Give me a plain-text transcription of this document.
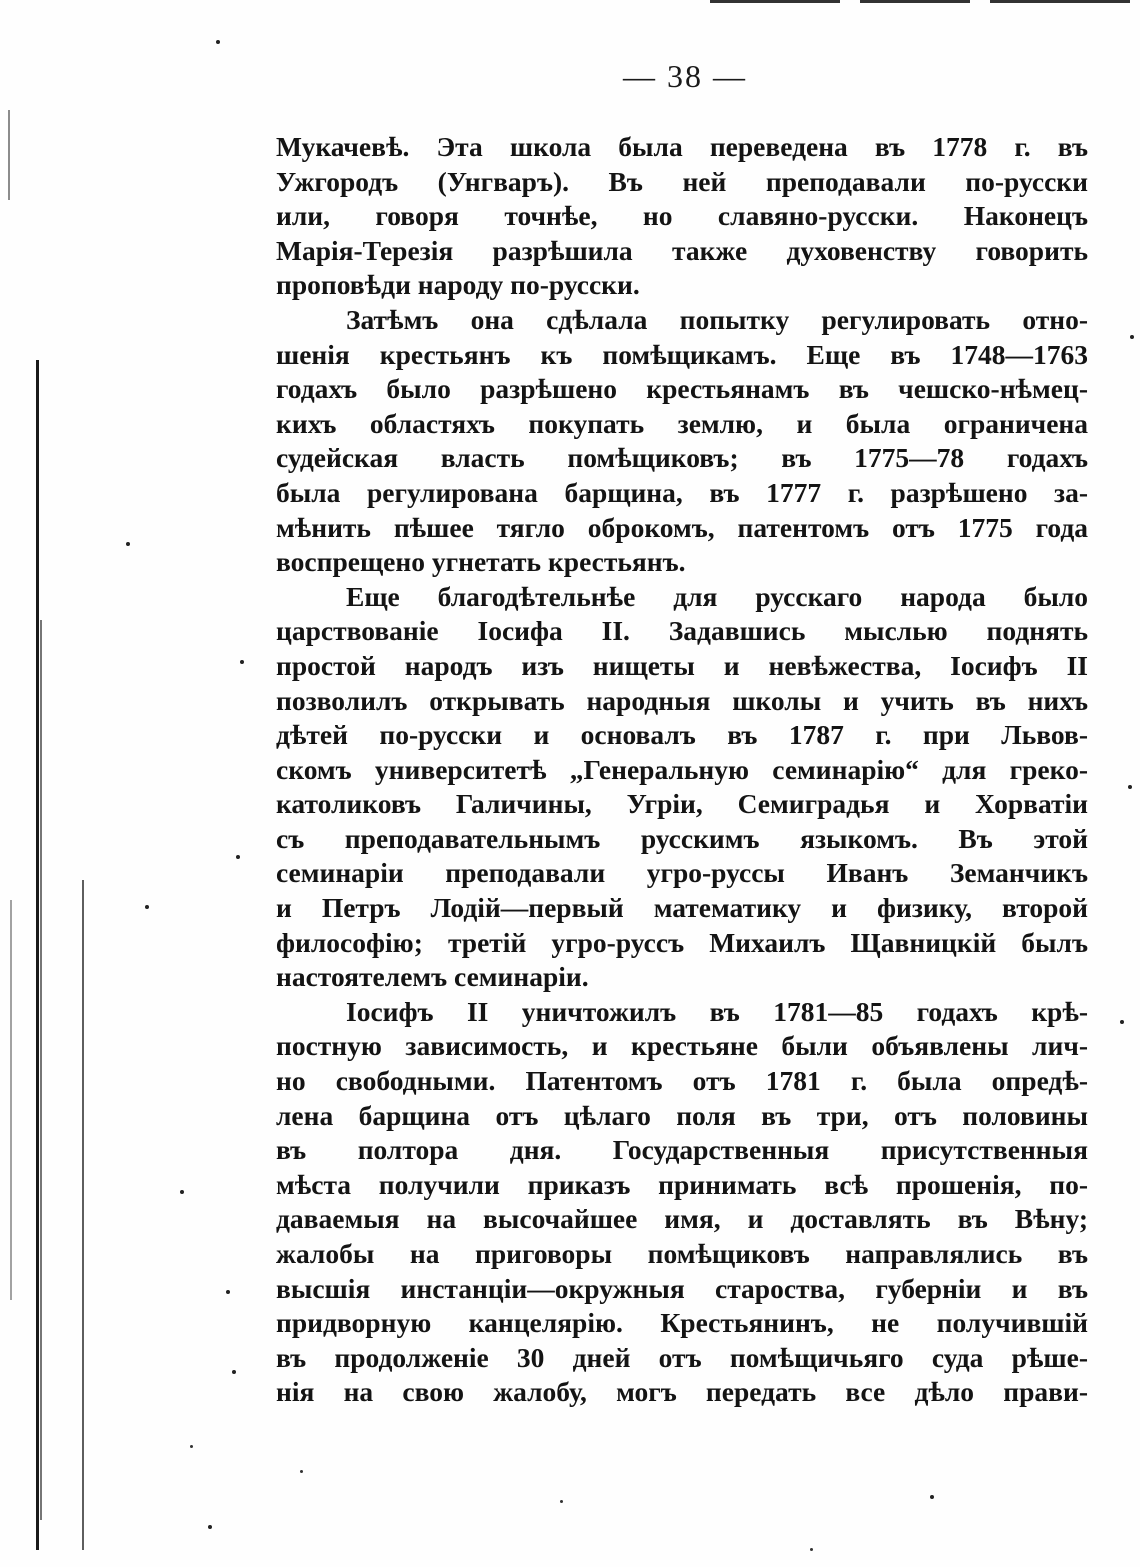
— 38 —
Мукачевѣ. Эта школа была переведена въ 1778 г. въ
Ужгородъ (Унгваръ). Въ ней преподавали по-русски
или, говоря точнѣе, но славяно-русски. Наконецъ
Марія-Терезія разрѣшила также духовенству говорить
проповѣди народу по-русски.
Затѣмъ она сдѣлала попытку регулировать отно-
шенія крестьянъ къ помѣщикамъ. Еще въ 1748—1763
годахъ было разрѣшено крестьянамъ въ чешско-нѣмец-
кихъ областяхъ покупать землю, и была ограничена
судейская власть помѣщиковъ; въ 1775—78 годахъ
была регулирована барщина, въ 1777 г. разрѣшено за-
мѣнить пѣшее тягло оброкомъ, патентомъ отъ 1775 года
воспрещено угнетать крестьянъ.
Еще благодѣтельнѣе для русскаго народа было
царствованіе Іосифа II. Задавшись мыслью поднять
простой народъ изъ нищеты и невѣжества, Іосифъ II
позволилъ открывать народныя школы и учить въ нихъ
дѣтей по-русски и основалъ въ 1787 г. при Львов-
скомъ университетѣ „Генеральную семинарію“ для греко-
католиковъ Галичины, Угріи, Семиградья и Хорватіи
съ преподавательнымъ русскимъ языкомъ. Въ этой
семинаріи преподавали угро-руссы Иванъ Земанчикъ
и Петръ Лодій—первый математику и физику, второй
философію; третій угро-руссъ Михаилъ Щавницкій былъ
настоятелемъ семинаріи.
Іосифъ II уничтожилъ въ 1781—85 годахъ крѣ-
постную зависимость, и крестьяне были объявлены лич-
но свободными. Патентомъ отъ 1781 г. была опредѣ-
лена барщина отъ цѣлаго поля въ три, отъ половины
въ полтора дня. Государственныя присутственныя
мѣста получили приказъ принимать всѣ прошенія, по-
даваемыя на высочайшее имя, и доставлять въ Вѣну;
жалобы на приговоры помѣщиковъ направлялись въ
высшія инстанціи—окружныя староства, губерніи и въ
придворную канцелярію. Крестьянинъ, не получившій
въ продолженіе 30 дней отъ помѣщичьяго суда рѣше-
нія на свою жалобу, могъ передать все дѣло прави-
